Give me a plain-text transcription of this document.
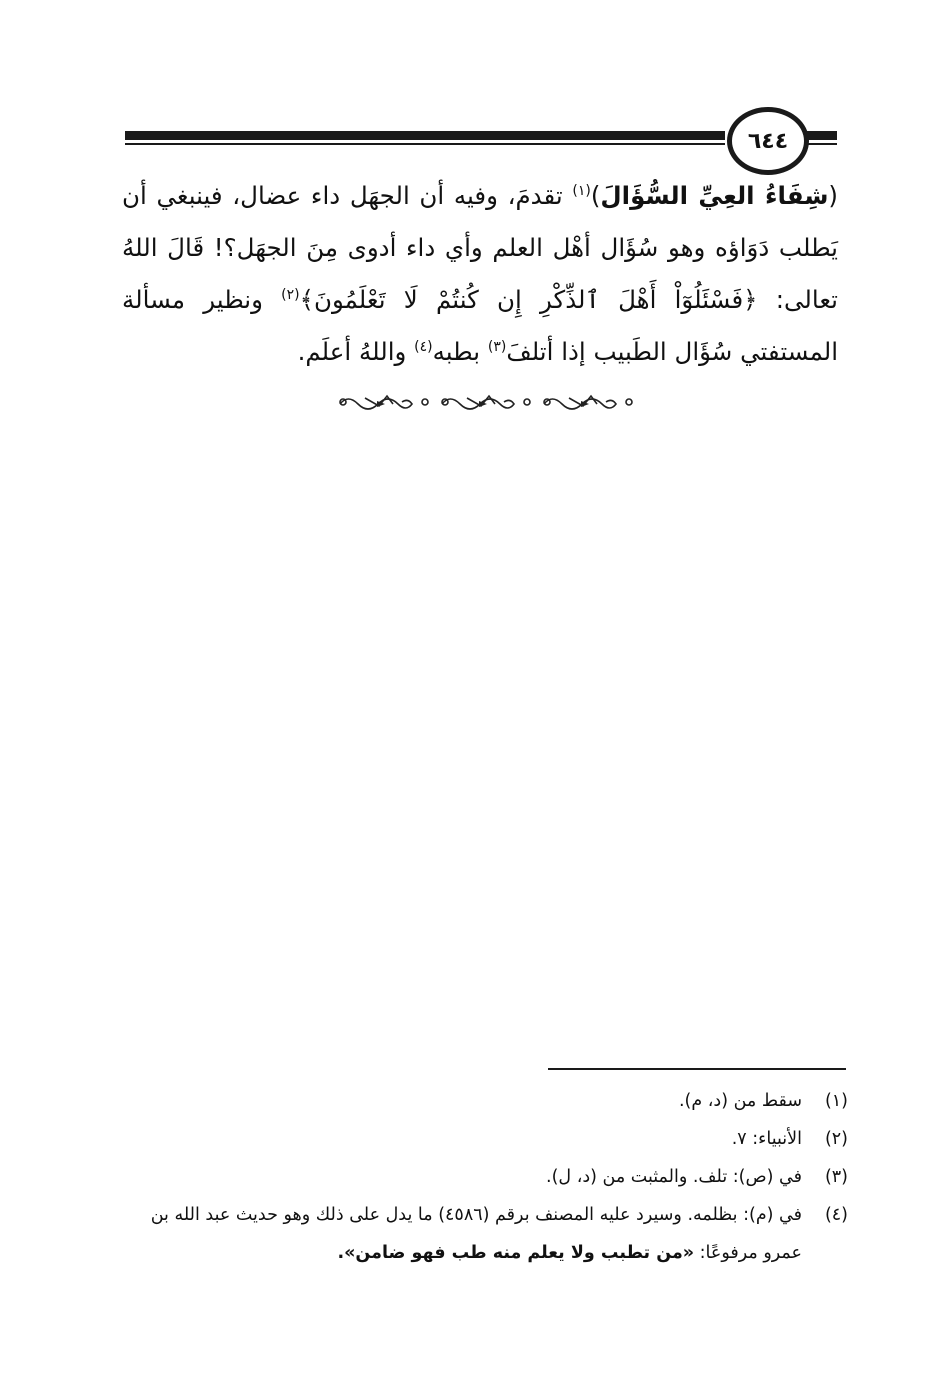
٦٤٤
(شِفَاءُ العِيِّ السُّؤَالَ)$^{(١)}$ تقدمَ، وفيه أن الجهَل داء عضال، فينبغي أن يَطلب دَوَاؤه وهو سُؤَال أهْل العلم وأي داء أدوى مِنَ الجهَل؟! قَالَ اللهُ تعالى: ﴿فَسْئَلُوٓاْ أَهْلَ ٱلذِّكْرِ إِن كُنتُمْ لَا تَعْلَمُونَ﴾$^{(٢)}$ ونظير مسألة المستفتي سُؤَال الطَبيب إذا أتلفَ$^{(٣)}$ بطبه$^{(٤)}$ واللهُ أعلَم.
(١)
سقط من (د، م).
(٢)
الأنبياء: ٧.
(٣)
في (ص): تلف. والمثبت من (د، ل).
(٤)
في (م): بظلمه. وسيرد عليه المصنف برقم (٤٥٨٦) ما يدل على ذلك وهو حديث عبد الله بن عمرو مرفوعًا: «من تطبب ولا يعلم منه طب فهو ضامن».
